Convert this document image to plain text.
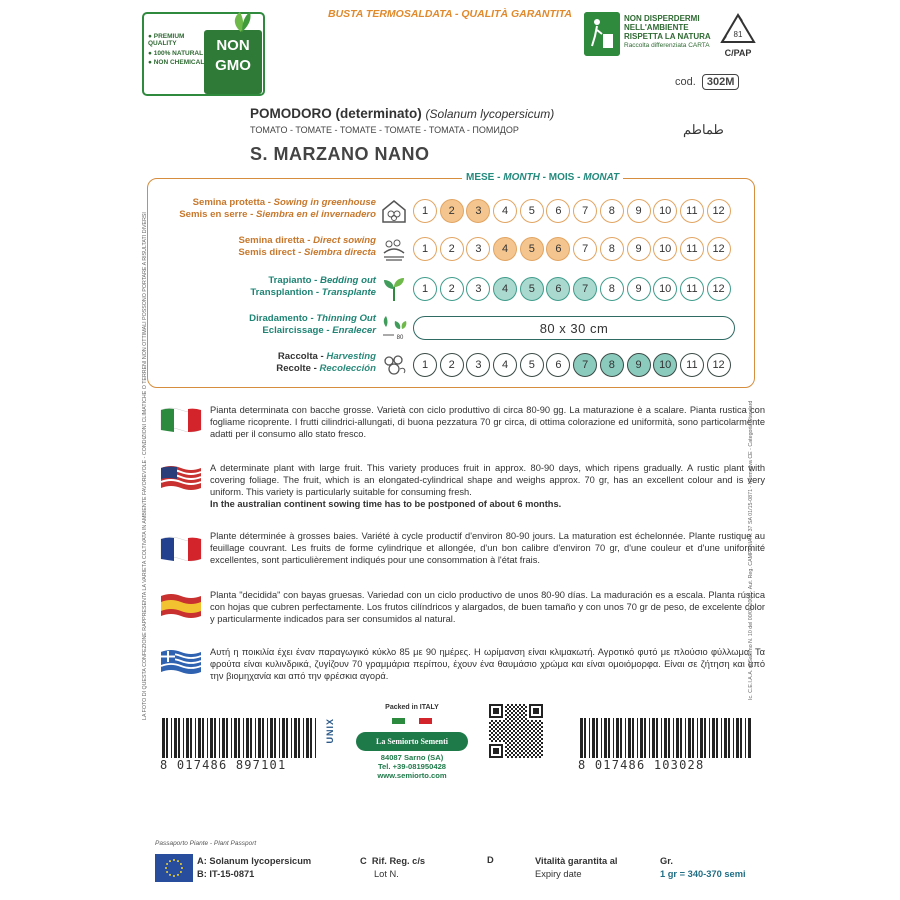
BUSTA TERMOSALDATA - QUALITÀ GARANTITA
● PREMIUM QUALITY
● 100% NATURAL
● NON CHEMICAL
NON
GMO
NON DISPERDERMI
NELL'AMBIENTE
RISPETTA LA NATURA
Raccolta differenziata CARTA
81
C/PAP
cod. 302M
POMODORO (determinato) (Solanum lycopersicum)
TOMATO - TOMATE - TOMATE - TOMATE - TOMATA - ПОМИДОР	طماطم
S. MARZANO NANO
MESE - MONTH - MOIS - MONAT
Semina protetta - Sowing in greenhouse
Semis en serre - Siembra en el invernadero	1	2	3	4	5	6	7	8	9	10	11	12
Semina diretta - Direct sowing
Semis direct - Siembra directa	1	2	3	4	5	6	7	8	9	10	11	12
Trapianto - Bedding out
Transplantion - Transplante	1	2	3	4	5	6	7	8	9	10	11	12
Diradamento - Thinning Out
Eclaircissage - Enralecer
80
80 x 30 cm
Raccolta - Harvesting
Recolte - Recolección	1	2	3	4	5	6	7	8	9	10	11	12
Pianta determinata con bacche grosse. Varietà con ciclo produttivo di circa 80-90 gg. La maturazione è a scalare. Pianta rustica con fogliame ricoprente. I frutti cilindrici-allungati, di buona pezzatura 70 gr circa, di ottima colorazione ed uniformità, sono particolarmente adatti per il consumo allo stato fresco.
A determinate plant with large fruit. This variety produces fruit in approx. 80-90 days, which ripens gradually. A rustic plant with covering foliage. The fruit, which is an elongated-cylindrical shape and weighs approx. 70 gr, has an excellent colour and is very uniform. This variety is particularly suitable for consuming fresh.
In the australian continent sowing time has to be postponed of about 6 months.
Plante déterminée à grosses baies. Variété à cycle productif d'environ 80-90 jours. La maturation est échelonnée. Plante rustique au feuillage couvrant. Les fruits de forme cylindrique et allongée, d'un bon calibre d'environ 70 gr, d'une couleur et d'une uniformité excellentes, sont particulièrement indiqués pour une consommation à l'état frais.
Planta "decidida" con bayas gruesas. Variedad con un ciclo productivo de unos 80-90 días. La maduración es a escala. Planta rústica con hojas que cubren perfectamente. Los frutos cilíndricos y alargados, de buen tamaño y con unos 70 gr de peso, de excelente color y particularmente indicados para ser consumidos al natural.
Αυτή η ποικιλία έχει έναν παραγωγικό κύκλο 85 με 90 ημέρες. Η ωρίμανση είναι κλιμακωτή. Αγροτικό φυτό με πλούσιο φύλλωμα. Τα φρούτα είναι κυλινδρικά, ζυγίζουν 70 γραμμάρια περίπου, έχουν ένα θαυμάσιο χρώμα και είναι ομοιόμορφα. Είναι σε ζήτηση και από την βιομηχανία και από την φρέσκια αγορά.
8 017486 897101
UNIX
Packed in ITALY
La Semiorto Sementi
84087 Sarno (SA)
Tel. +39-081950428
www.semiorto.com
8 017486 103028
Passaporto Piante - Plant Passport
A: Solanum lycopersicum
B: IT-15-0871
C Rif. Reg. c/s
Lot N.
D	Vitalità garantita al
Expiry date
Gr.
1 gr = 340-370 semi
LA FOTO DI QUESTA CONFEZIONE RAPPRESENTA LA VARIETÀ COLTIVATA IN AMBIENTE FAVOREVOLE - CONDIZIONI CLIMATICHE O TERRENI NON OTTIMALI POSSONO PORTARE A RISULTATI DIVERSI	Ic. C.E.I.A.A. di Salerno N. 10 del 00/05/2007 - Aut. Reg. CAMPANIA n. 37 SA 01/15-0871 - Normativa CE - Categoria Standard
